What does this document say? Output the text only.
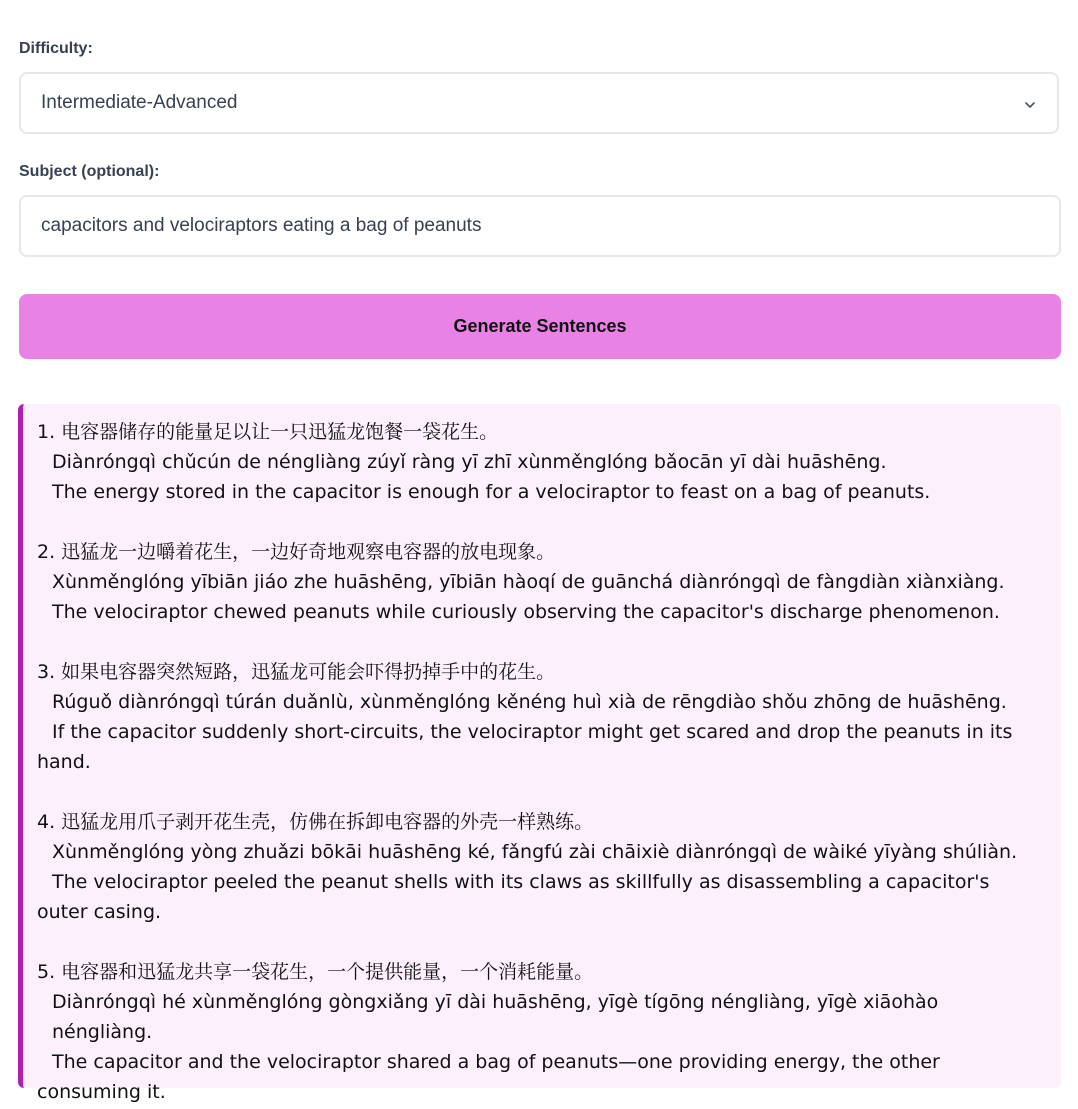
Difficulty:
Intermediate-Advanced
Subject (optional):
capacitors and velociraptors eating a bag of peanuts
Generate Sentences
1. 电容器储存的能量足以让一只迅猛龙饱餐一袋花生。
Diànróngqì chǔcún de néngliàng zúyǐ ràng yī zhī xùnměnglóng bǎocān yī dài huāshēng.
The energy stored in the capacitor is enough for a velociraptor to feast on a bag of peanuts.
2. 迅猛龙一边嚼着花生，一边好奇地观察电容器的放电现象。
Xùnměnglóng yībiān jiáo zhe huāshēng, yībiān hàoqí de guānchá diànróngqì de fàngdiàn xiànxiàng.
The velociraptor chewed peanuts while curiously observing the capacitor's discharge phenomenon.
3. 如果电容器突然短路，迅猛龙可能会吓得扔掉手中的花生。
Rúguǒ diànróngqì túrán duǎnlù, xùnměnglóng kěnéng huì xià de rēngdiào shǒu zhōng de huāshēng.
If the capacitor suddenly short-circuits, the velociraptor might get scared and drop the peanuts in its hand.
4. 迅猛龙用爪子剥开花生壳，仿佛在拆卸电容器的外壳一样熟练。
Xùnměnglóng yòng zhuǎzi bōkāi huāshēng ké, fǎngfú zài chāixiè diànróngqì de wàiké yīyàng shúliàn.
The velociraptor peeled the peanut shells with its claws as skillfully as disassembling a capacitor's outer casing.
5. 电容器和迅猛龙共享一袋花生，一个提供能量，一个消耗能量。
Diànróngqì hé xùnměnglóng gòngxiǎng yī dài huāshēng, yīgè tígōng néngliàng, yīgè xiāohào néngliàng.
The capacitor and the velociraptor shared a bag of peanuts—one providing energy, the other consuming it.
